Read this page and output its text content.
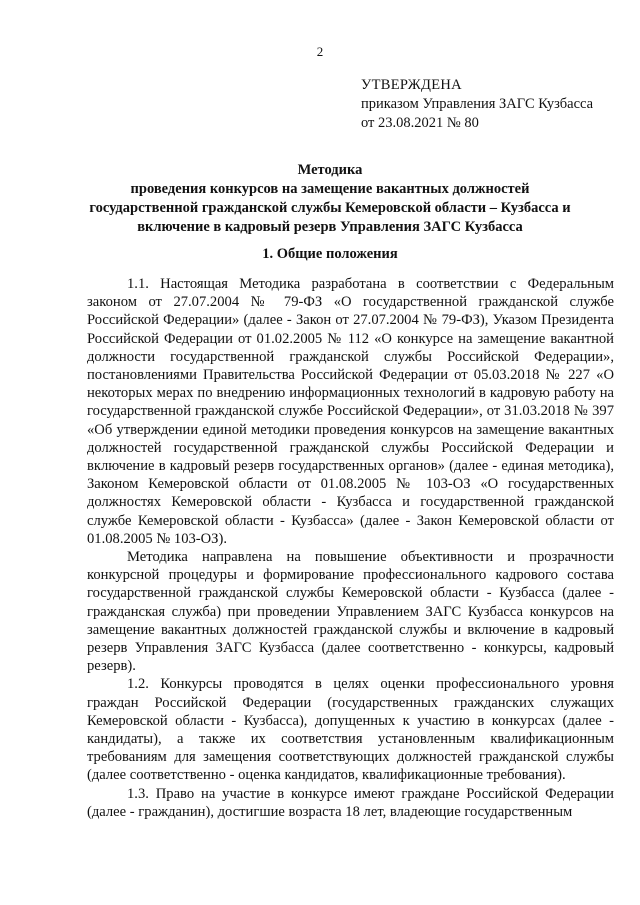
2
УТВЕРЖДЕНА
приказом Управления ЗАГС Кузбасса
от 23.08.2021 № 80
Методика
проведения конкурсов на замещение вакантных должностей
государственной гражданской службы Кемеровской области – Кузбасса и
включение в кадровый резерв Управления ЗАГС Кузбасса
1. Общие положения

1.1. Настоящая Методика разработана в соответствии с Федеральным законом от 27.07.2004 № 79-ФЗ «О государственной гражданской службе Российской Федерации» (далее - Закон от 27.07.2004 № 79-ФЗ), Указом Президента Российской Федерации от 01.02.2005 № 112 «О конкурсе на замещение вакантной должности государственной гражданской службы Российской Федерации», постановлениями Правительства Российской Федерации от 05.03.2018 № 227 «О некоторых мерах по внедрению информационных технологий в кадровую работу на государственной гражданской службе Российской Федерации», от 31.03.2018 № 397 «Об утверждении единой методики проведения конкурсов на замещение вакантных должностей государственной гражданской службы Российской Федерации и включение в кадровый резерв государственных органов» (далее - единая методика), Законом Кемеровской области от 01.08.2005 № 103-ОЗ «О государственных должностях Кемеровской области - Кузбасса и государственной гражданской службе Кемеровской области - Кузбасса» (далее - Закон Кемеровской области от 01.08.2005 № 103-ОЗ).

Методика направлена на повышение объективности и прозрачности конкурсной процедуры и формирование профессионального кадрового состава государственной гражданской службы Кемеровской области - Кузбасса (далее - гражданская служба) при проведении Управлением ЗАГС Кузбасса конкурсов на замещение вакантных должностей гражданской службы и включение в кадровый резерв Управления ЗАГС Кузбасса (далее соответственно - конкурсы, кадровый резерв).

1.2. Конкурсы проводятся в целях оценки профессионального уровня граждан Российской Федерации (государственных гражданских служащих Кемеровской области - Кузбасса), допущенных к участию в конкурсах (далее - кандидаты), а также их соответствия установленным квалификационным требованиям для замещения соответствующих должностей гражданской службы (далее соответственно - оценка кандидатов, квалификационные требования).

1.3. Право на участие в конкурсе имеют граждане Российской Федерации (далее - гражданин), достигшие возраста 18 лет, владеющие государственным
